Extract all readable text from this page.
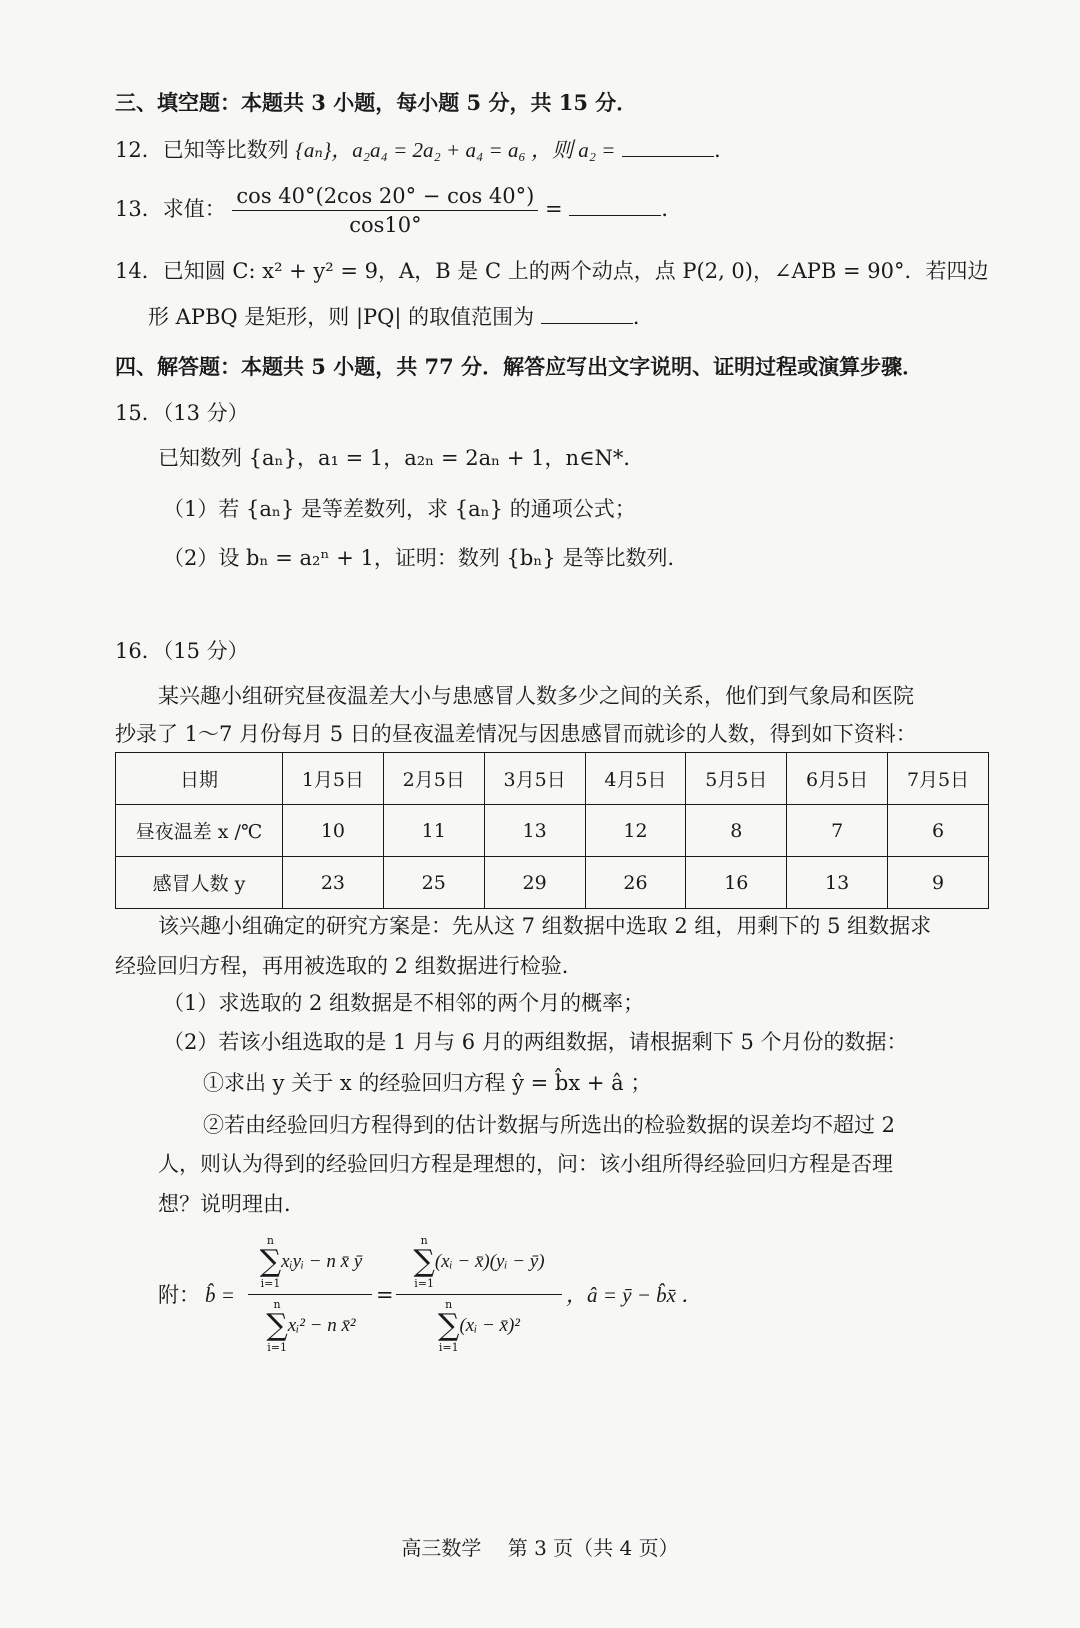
三、填空题：本题共 3 小题，每小题 5 分，共 15 分．
12．已知等比数列 {aₙ}，a₂a₄ = 2a₂ + a₄ = a₆ ，则 a₂ =	．
13．求值： $\frac{\cos 40^\circ(2\cos 20^\circ - \cos 40^\circ)}{\cos 10^\circ}$ =	．
14．已知圆 C: x² + y² = 9，A，B 是 C 上的两个动点，点 P(2, 0)，∠APB = 90°．若四边
形 APBQ 是矩形，则 |PQ| 的取值范围为	．
四、解答题：本题共 5 小题，共 77 分．解答应写出文字说明、证明过程或演算步骤．
15．（13 分）
已知数列 {aₙ}，a₁ = 1，a₂ₙ = 2aₙ + 1，n∈N*．
（1）若 {aₙ} 是等差数列，求 {aₙ} 的通项公式；
（2）设 bₙ = a₂ⁿ + 1，证明：数列 {bₙ} 是等比数列．
16．（15 分）
某兴趣小组研究昼夜温差大小与患感冒人数多少之间的关系，他们到气象局和医院
抄录了 1～7 月份每月 5 日的昼夜温差情况与因患感冒而就诊的人数，得到如下资料：
日期	1月5日	2月5日	3月5日	4月5日	5月5日	6月5日	7月5日
昼夜温差 x /℃	10	11	13	12	8	7	6
感冒人数 y	23	25	29	26	16	13	9
该兴趣小组确定的研究方案是：先从这 7 组数据中选取 2 组，用剩下的 5 组数据求
经验回归方程，再用被选取的 2 组数据进行检验．
（1）求选取的 2 组数据是不相邻的两个月的概率；
（2）若该小组选取的是 1 月与 6 月的两组数据，请根据剩下 5 个月份的数据：
①求出 y 关于 x 的经验回归方程 ŷ = b̂x + â ；
②若由经验回归方程得到的估计数据与所选出的检验数据的误差均不超过 2
人，则认为得到的经验回归方程是理想的，问：该小组所得经验回归方程是否理
想？说明理由．
附： b̂ =
n
∑
i=1
xᵢyᵢ − n x̄ ȳ
n
∑
i=1
xᵢ² − n x̄²
=
n
∑
i=1
(xᵢ − x̄)(yᵢ − ȳ)
n
∑
i=1
(xᵢ − x̄)²
，â = ȳ − b̂x̄ ．
高三数学　 第 3 页（共 4 页）
